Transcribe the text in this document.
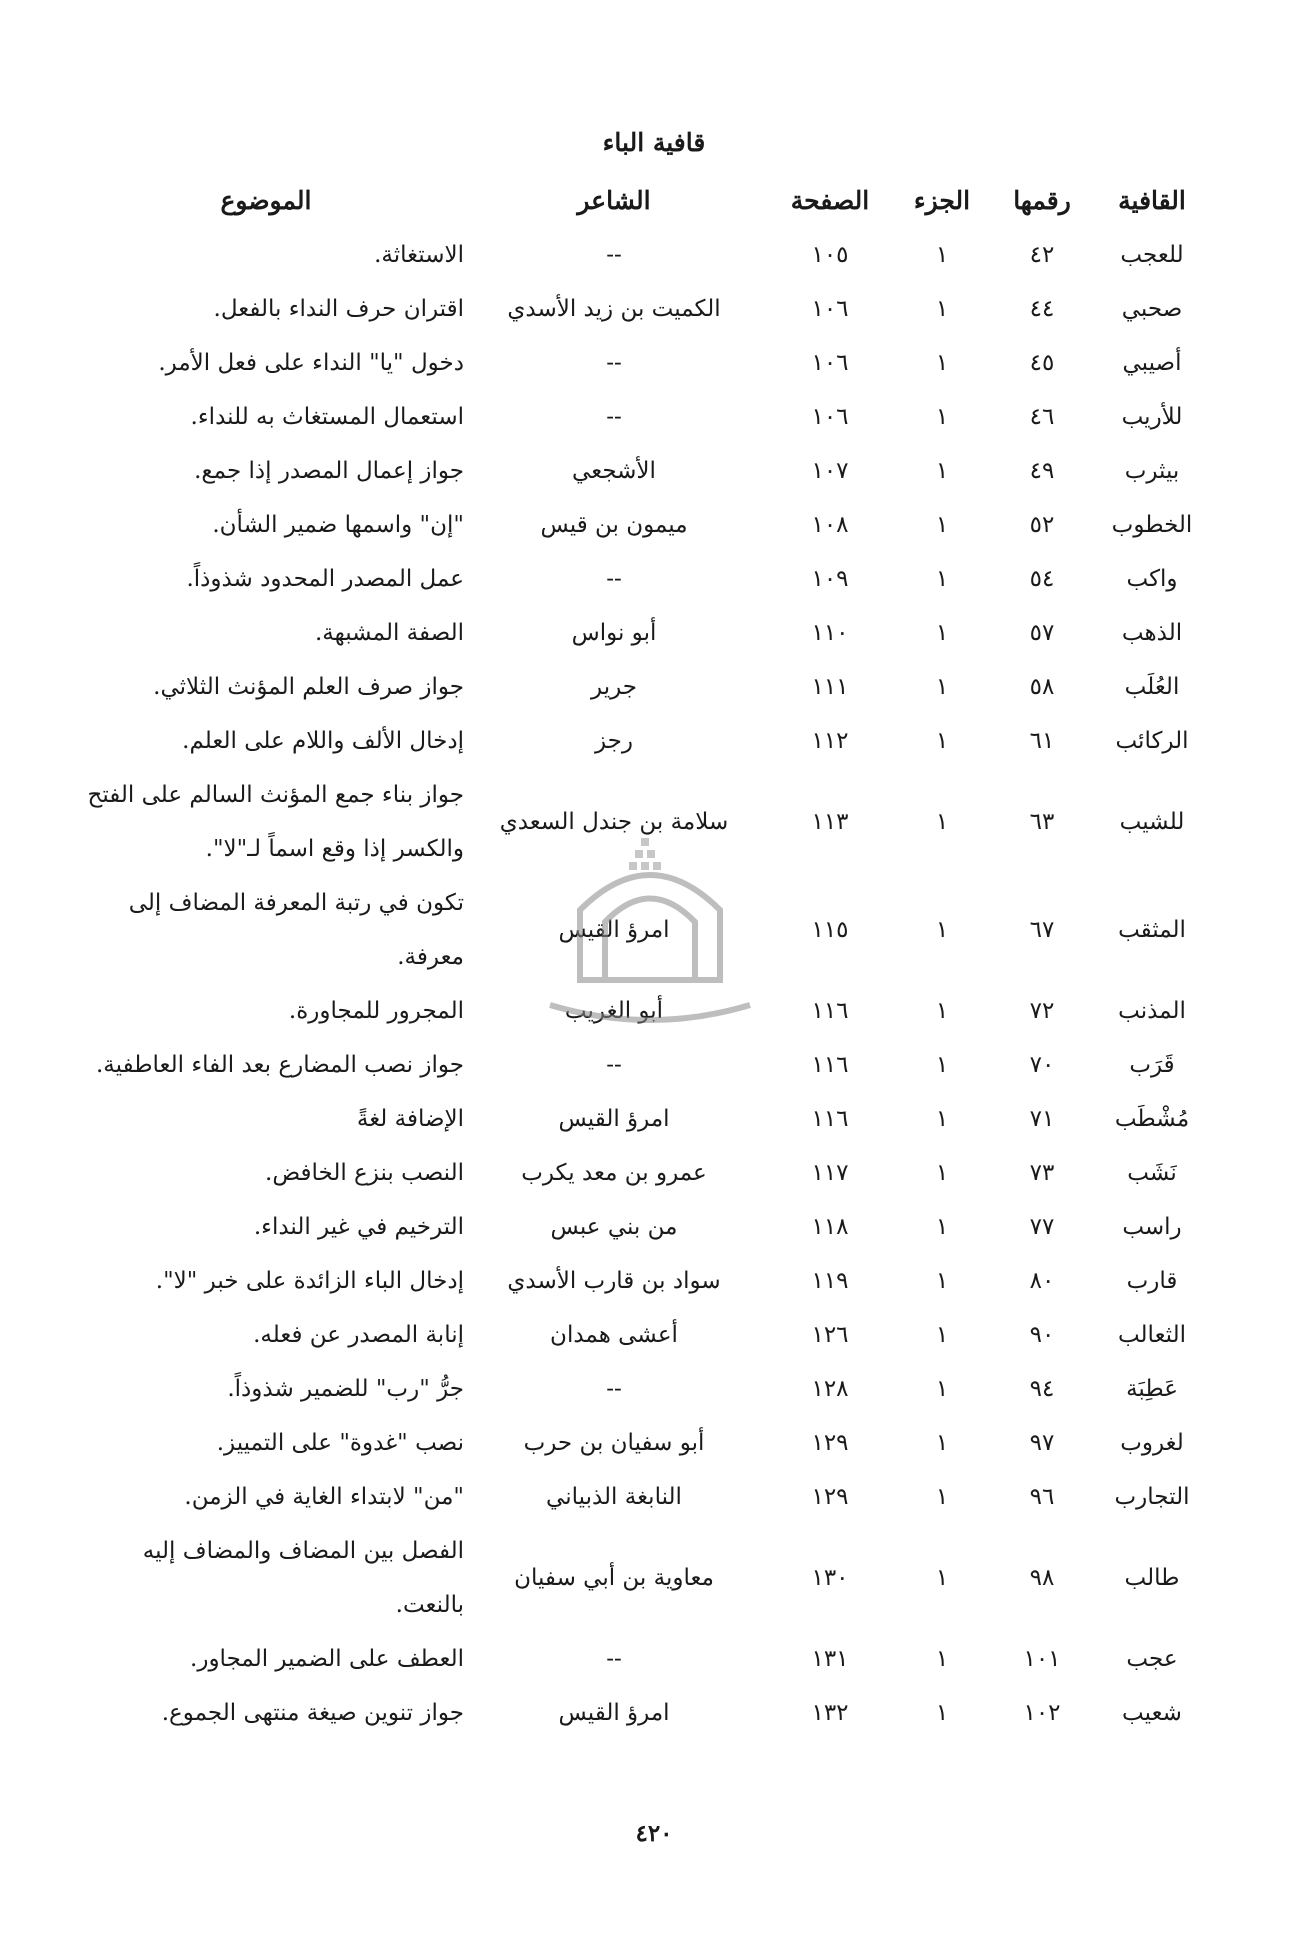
قافية الباء
القافية	رقمها	الجزء	الصفحة	الشاعر	الموضوع
للعجب	٤٢	١	١٠٥	--	الاستغاثة.
صحبي	٤٤	١	١٠٦	الكميت بن زيد الأسدي	اقتران حرف النداء بالفعل.
أصيبي	٤٥	١	١٠٦	--	دخول "يا" النداء على فعل الأمر.
للأريب	٤٦	١	١٠٦	--	استعمال المستغاث به للنداء.
بيثرب	٤٩	١	١٠٧	الأشجعي	جواز إعمال المصدر إذا جمع.
الخطوب	٥٢	١	١٠٨	ميمون بن قيس	"إن" واسمها ضمير الشأن.
واكب	٥٤	١	١٠٩	--	عمل المصدر المحدود شذوذاً.
الذهب	٥٧	١	١١٠	أبو نواس	الصفة المشبهة.
العُلَب	٥٨	١	١١١	جرير	جواز صرف العلم المؤنث الثلاثي.
الركائب	٦١	١	١١٢	رجز	إدخال الألف واللام على العلم.
للشيب	٦٣	١	١١٣	سلامة بن جندل السعدي	جواز بناء جمع المؤنث السالم على الفتح والكسر إذا وقع اسماً لـ"لا".
المثقب	٦٧	١	١١٥	امرؤ القيس	تكون في رتبة المعرفة المضاف إلى معرفة.
المذنب	٧٢	١	١١٦	أبو الغريب	المجرور للمجاورة.
قَرَب	٧٠	١	١١٦	--	جواز نصب المضارع بعد الفاء العاطفية.
مُشْطَب	٧١	١	١١٦	امرؤ القيس	الإضافة لغةً
نَشَب	٧٣	١	١١٧	عمرو بن معد يكرب	النصب بنزع الخافض.
راسب	٧٧	١	١١٨	من بني عبس	الترخيم في غير النداء.
قارب	٨٠	١	١١٩	سواد بن قارب الأسدي	إدخال الباء الزائدة على خبر "لا".
الثعالب	٩٠	١	١٢٦	أعشى همدان	إنابة المصدر عن فعله.
عَطِبَة	٩٤	١	١٢٨	--	جرُّ "رب" للضمير شذوذاً.
لغروب	٩٧	١	١٢٩	أبو سفيان بن حرب	نصب "غدوة" على التمييز.
التجارب	٩٦	١	١٢٩	النابغة الذبياني	"من" لابتداء الغاية في الزمن.
طالب	٩٨	١	١٣٠	معاوية بن أبي سفيان	الفصل بين المضاف والمضاف إليه بالنعت.
عجب	١٠١	١	١٣١	--	العطف على الضمير المجاور.
شعيب	١٠٢	١	١٣٢	امرؤ القيس	جواز تنوين صيغة منتهى الجموع.
٤٢٠
